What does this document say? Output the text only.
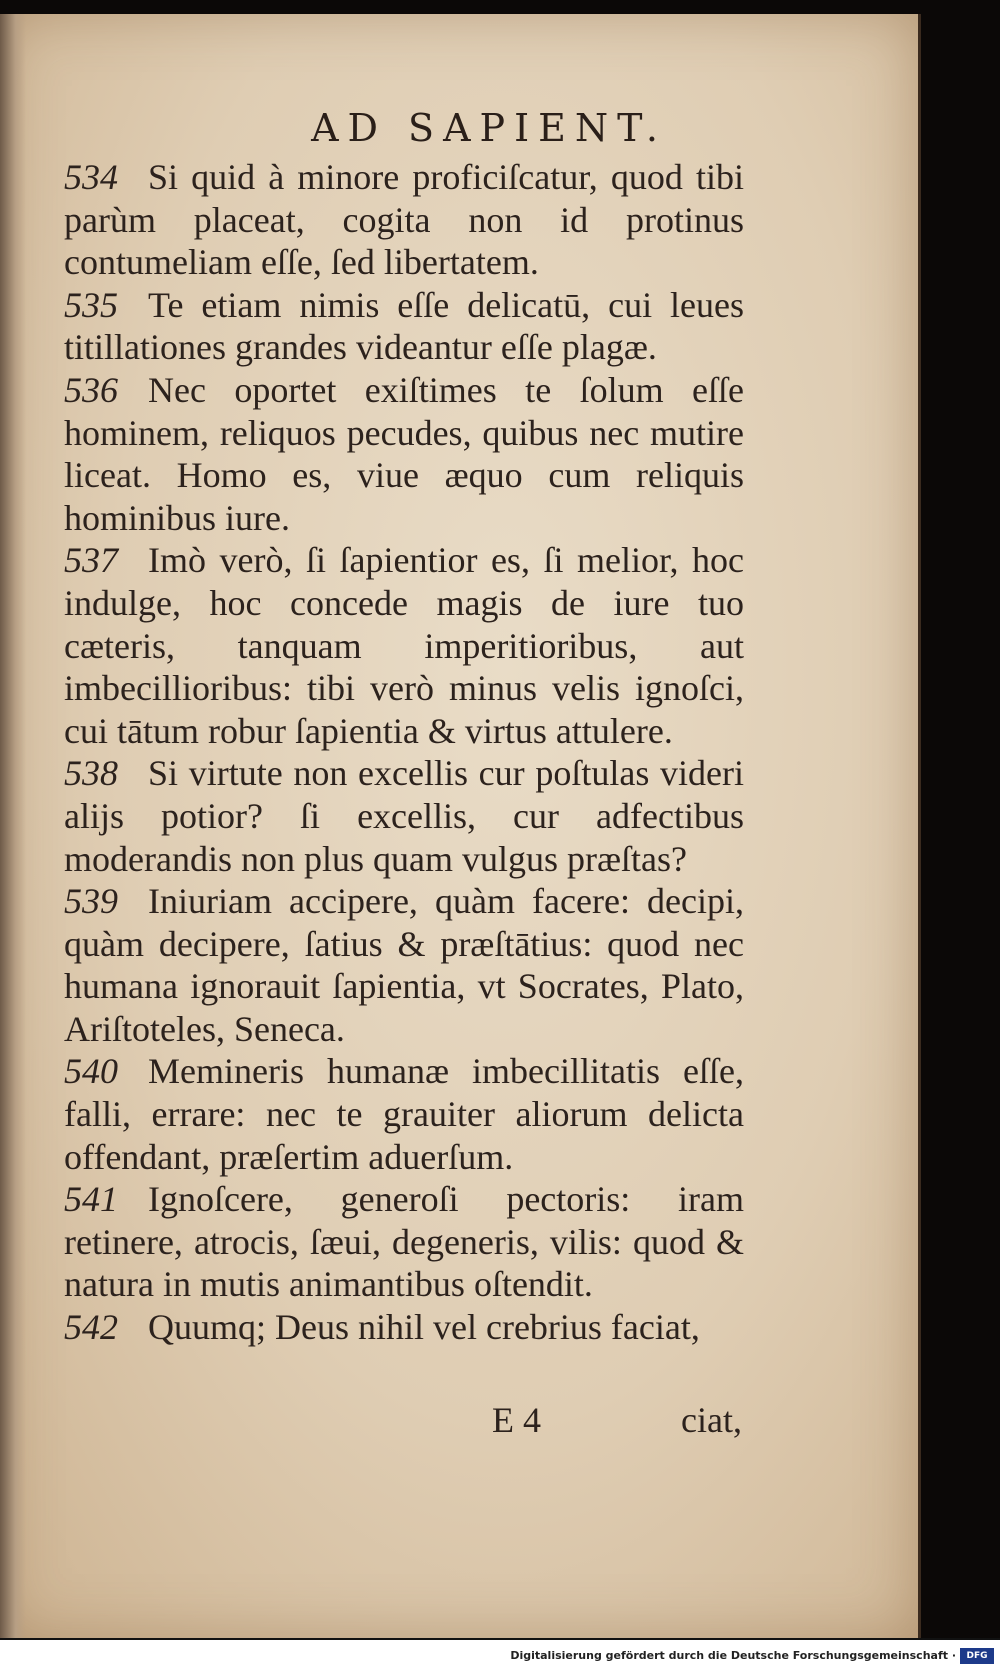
AD SAPIENT.

534 Si quid à minore proficiſcatur, quod tibi parùm placeat, cogita non id protinus contumeliam eſſe, ſed libertatem.

535 Te etiam nimis eſſe delicatū, cui leues titillationes grandes videantur eſſe plagæ.

536 Nec oportet exiſtimes te ſolum eſſe hominem, reliquos pecudes, quibus nec mutire liceat. Homo es, viue æquo cum reliquis hominibus iure.

537 Imò verò, ſi ſapientior es, ſi melior, hoc indulge, hoc concede magis de iure tuo cæteris, tanquam imperitioribus, aut imbecillioribus: tibi verò minus velis ignoſci, cui tātum robur ſapientia & virtus attulere.

538 Si virtute non excellis cur poſtulas videri alijs potior? ſi excellis, cur adfectibus moderandis non plus quam vulgus præſtas?

539 Iniuriam accipere, quàm facere: decipi, quàm decipere, ſatius & præſtātius: quod nec humana ignorauit ſapientia, vt Socrates, Plato, Ariſtoteles, Seneca.

540 Memineris humanæ imbecillitatis eſſe, falli, errare: nec te grauiter aliorum delicta offendant, præſertim aduerſum.

541 Ignoſcere, generoſi pectoris: iram retinere, atrocis, ſæui, degeneris, vilis: quod & natura in mutis animantibus oſtendit.

542 Quumq; Deus nihil vel crebrius faciat,

E 4	ciat,
Digitalisierung gefördert durch die Deutsche Forschungsgemeinschaft ·	DFG
